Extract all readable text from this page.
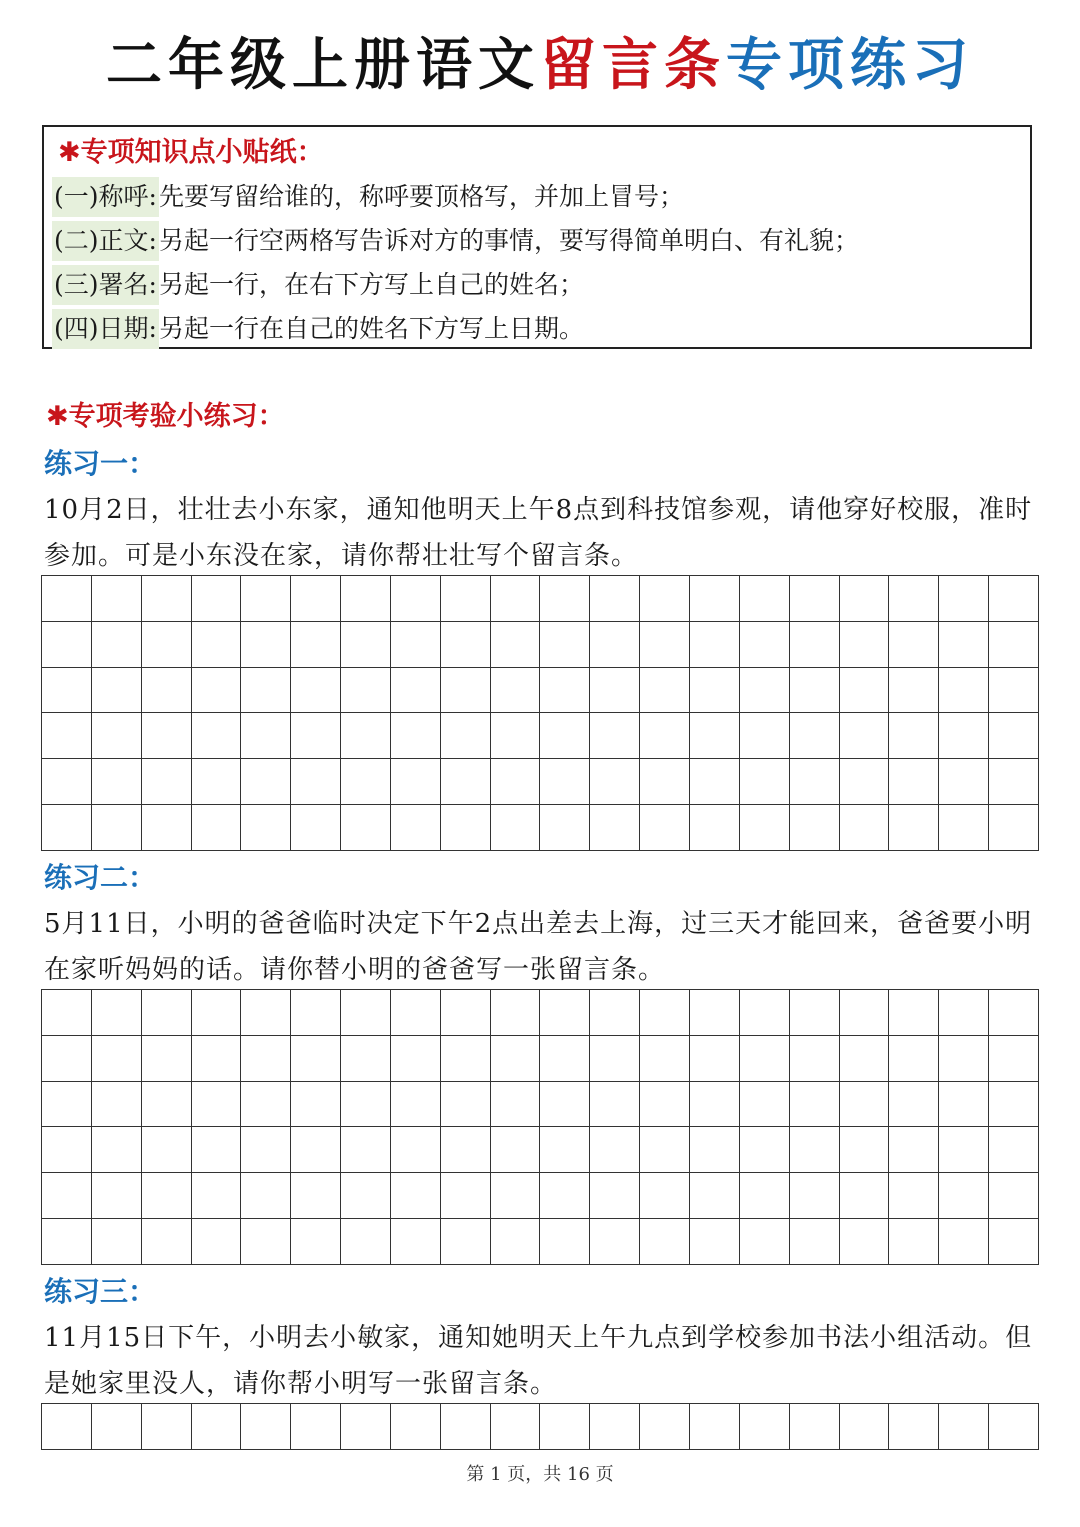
二年级上册语文留言条专项练习
✱专项知识点小贴纸：
(一)称呼:先要写留给谁的，称呼要顶格写，并加上冒号；
(二)正文:另起一行空两格写告诉对方的事情，要写得简单明白、有礼貌；
(三)署名:另起一行，在右下方写上自己的姓名；
(四)日期:另起一行在自己的姓名下方写上日期。
✱专项考验小练习：
练习一：
10月2日，壮壮去小东家，通知他明天上午8点到科技馆参观，请他穿好校服，准时参加。可是小东没在家，请你帮壮壮写个留言条。
练习二：
5月11日，小明的爸爸临时决定下午2点出差去上海，过三天才能回来，爸爸要小明在家听妈妈的话。请你替小明的爸爸写一张留言条。
练习三：
11月15日下午，小明去小敏家，通知她明天上午九点到学校参加书法小组活动。但是她家里没人，请你帮小明写一张留言条。
第 1 页，共 16 页
